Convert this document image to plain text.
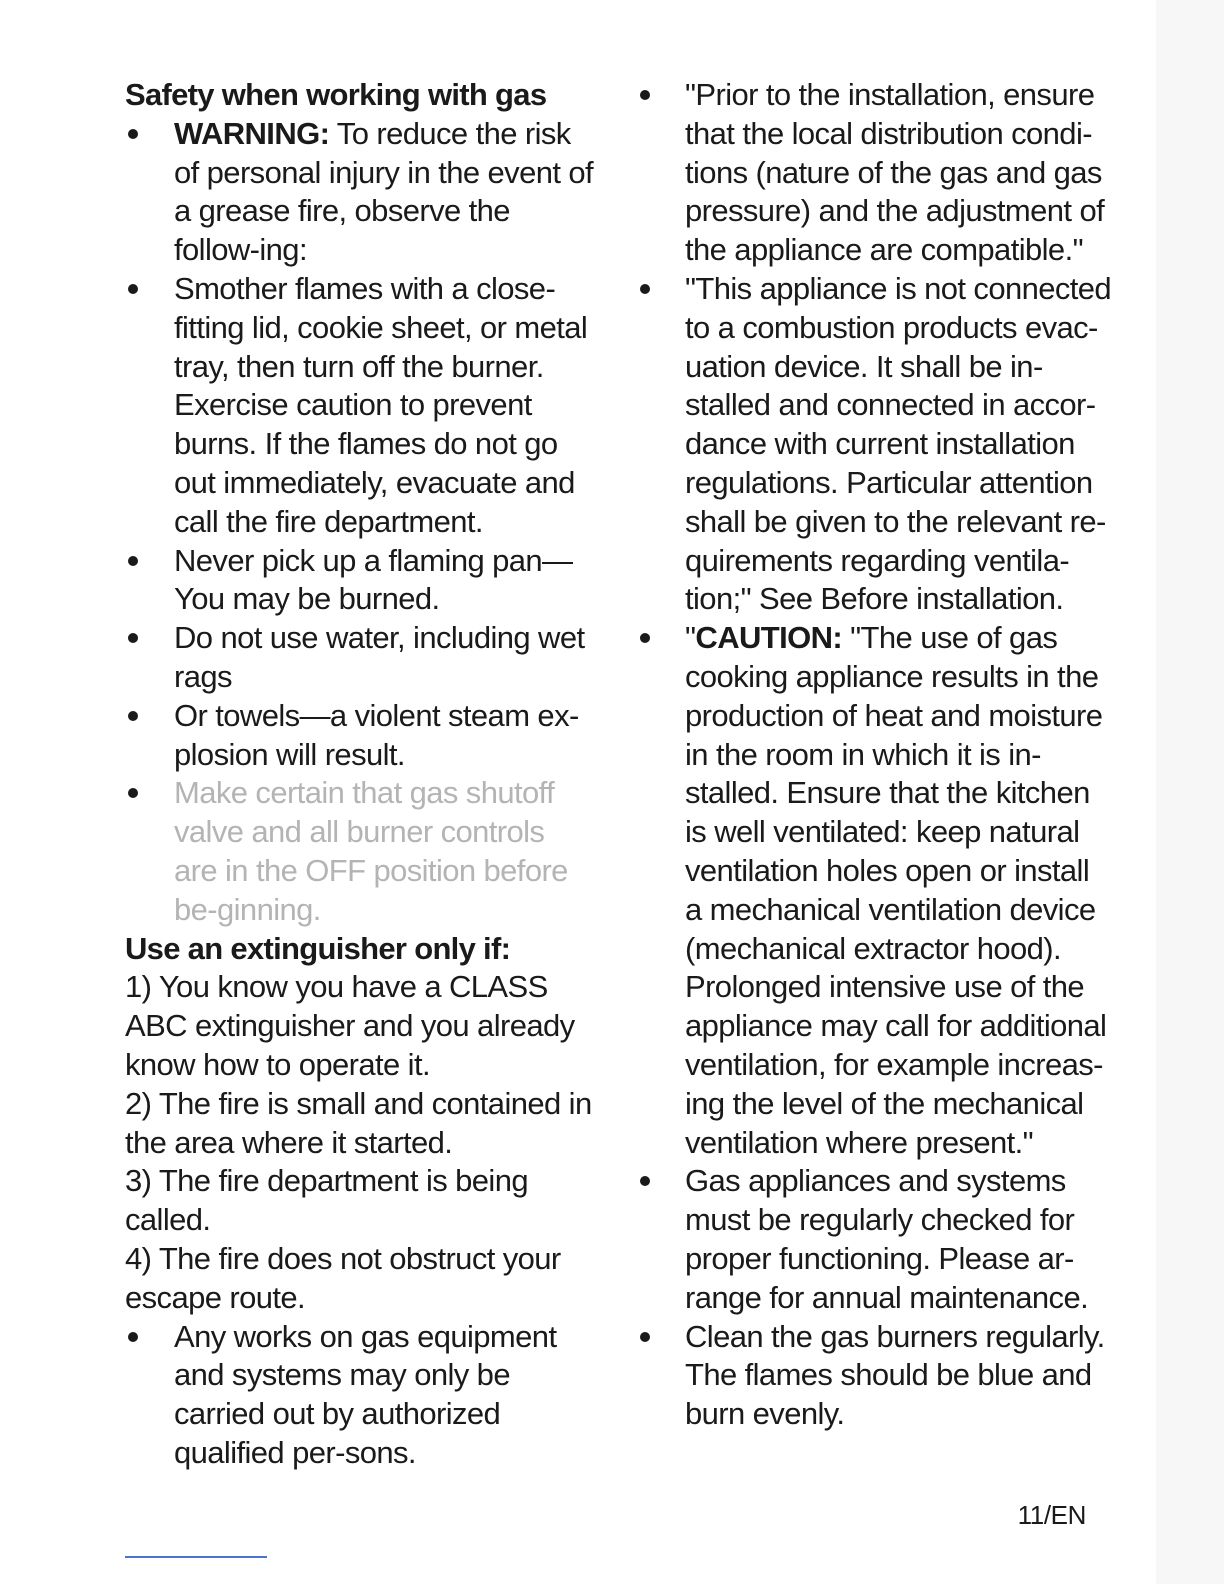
Safety when working with gas
WARNING: To reduce the risk of personal injury in the event of a grease fire, observe the follow-ing:
Smother flames with a close-fitting lid, cookie sheet, or metal tray, then turn off the burner. Exercise caution to prevent burns. If the flames do not go out immediately, evacuate and call the fire department.
Never pick up a flaming pan—You may be burned.
Do not use water, including wet rags
Or towels—a violent steam ex-plosion will result.
Make certain that gas shutoff valve and all burner controls are in the OFF position before be-ginning.
Use an extinguisher only if:

1) You know you have a CLASS ABC extinguisher and you already know how to operate it.

2) The fire is small and contained in the area where it started.

3) The fire department is being called.

4) The fire does not obstruct your escape route.

Any works on gas equipment and systems may only be carried out by authorized qualified per-sons.
"Prior to the installation, ensure that the local distribution condi-tions (nature of the gas and gas pressure) and the adjustment of the appliance are compatible."
"This appliance is not connected to a combustion products evac-uation device. It shall be in-stalled and connected in accor-dance with current installation regulations. Particular attention shall be given to the relevant re-quirements regarding ventila-tion;" See Before installation.
"CAUTION: "The use of gas cooking appliance results in the production of heat and moisture in the room in which it is in-stalled. Ensure that the kitchen is well ventilated: keep natural ventilation holes open or install a mechanical ventilation device (mechanical extractor hood). Prolonged intensive use of the appliance may call for additional ventilation, for example increas-ing the level of the mechanical ventilation where present."
Gas appliances and systems must be regularly checked for proper functioning. Please ar-range for annual maintenance.
Clean the gas burners regularly. The flames should be blue and burn evenly.
11/EN
